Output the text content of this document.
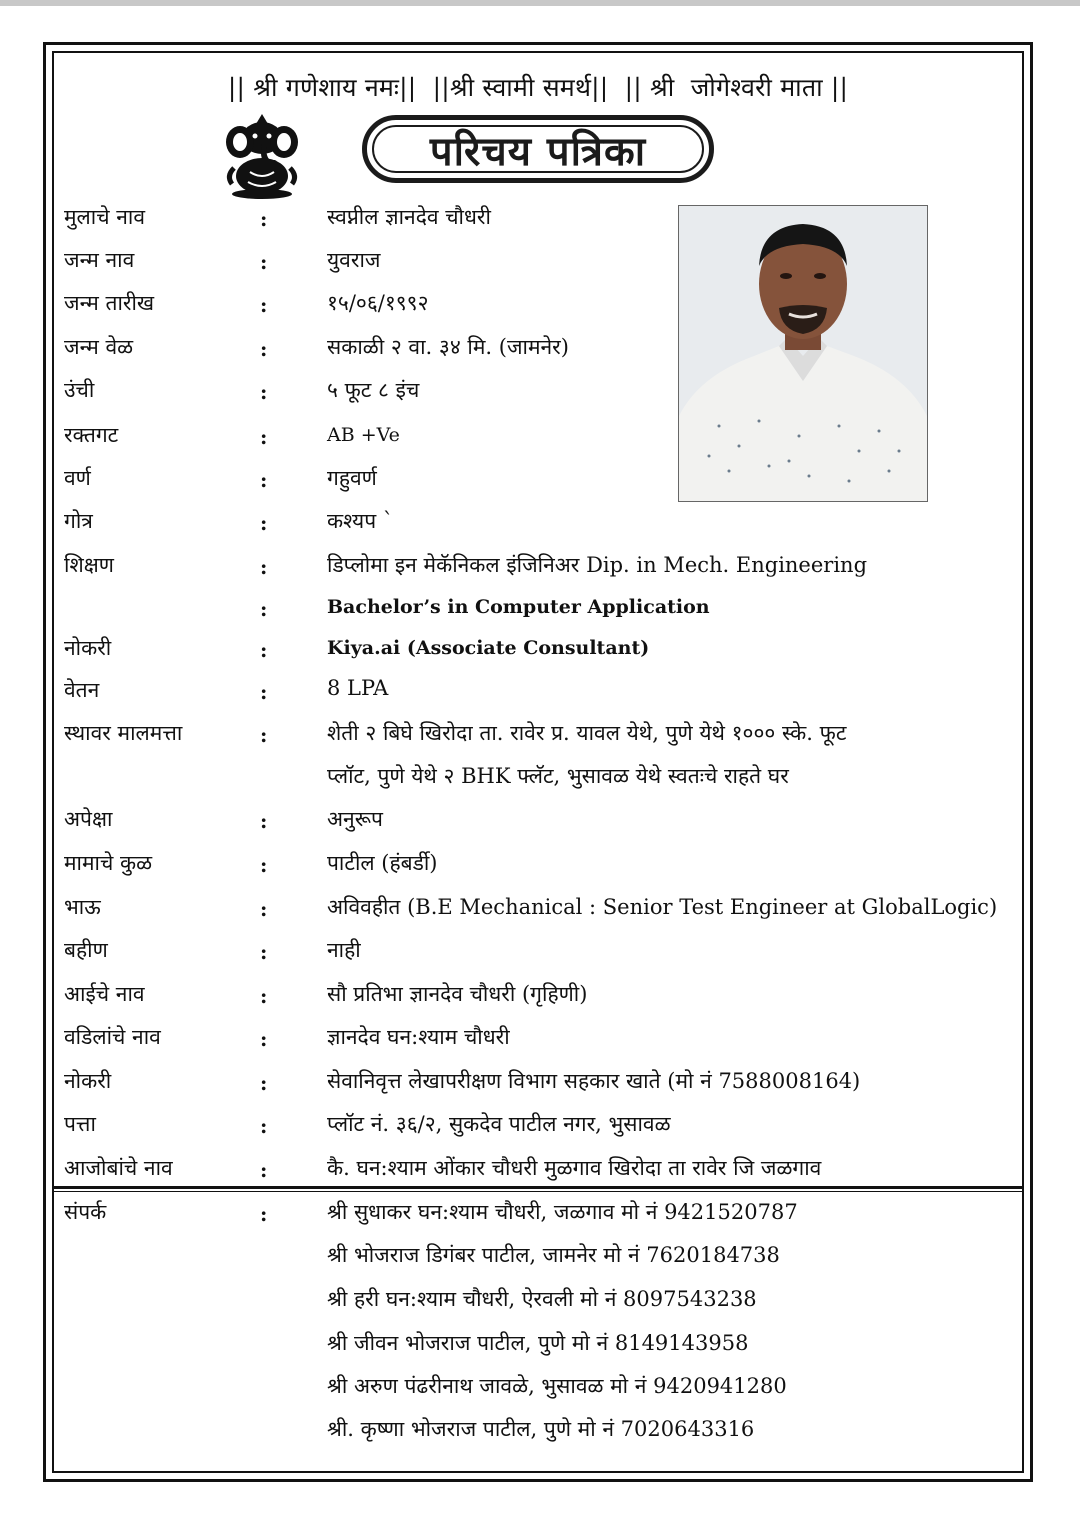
|| श्री गणेशाय नमः||  ||श्री स्वामी समर्थ||  || श्री  जोगेश्वरी माता ||
परिचय पत्रिका
मुलाचे नाव	:	स्वप्नील ज्ञानदेव चौधरी
जन्म नाव	:	युवराज
जन्म तारीख	:	१५/०६/१९९२
जन्म वेळ	:	सकाळी २ वा. ३४ मि. (जामनेर)
उंची	:	५ फूट ८ इंच
रक्तगट	:	AB +Ve
वर्ण	:	गहुवर्ण
गोत्र	:	कश्यप `
शिक्षण	:	डिप्लोमा इन मेकॅनिकल इंजिनिअर Dip. in Mech. Engineering
:	Bachelor’s in Computer Application
नोकरी	:	Kiya.ai (Associate Consultant)
वेतन	:	8 LPA
स्थावर मालमत्ता	:	शेती २ बिघे खिरोदा ता. रावेर प्र. यावल येथे, पुणे येथे १००० स्के. फूट
प्लॉट, पुणे येथे २ BHK फ्लॅट, भुसावळ येथे स्वतःचे राहते घर
अपेक्षा	:	अनुरूप
मामाचे कुळ	:	पाटील (हंबर्डी)
भाऊ	:	अविवहीत (B.E Mechanical : Senior Test Engineer at GlobalLogic)
बहीण	:	नाही
आईचे नाव	:	सौ प्रतिभा ज्ञानदेव चौधरी (गृहिणी)
वडिलांचे नाव	:	ज्ञानदेव घन:श्याम चौधरी
नोकरी	:	सेवानिवृत्त लेखापरीक्षण विभाग सहकार खाते (मो नं 7588008164)
पत्ता	:	प्लॉट नं. ३६/२, सुकदेव पाटील नगर, भुसावळ
आजोबांचे नाव	:	कै. घन:श्याम ओंकार चौधरी मुळगाव खिरोदा ता रावेर जि जळगाव
संपर्क	:	श्री सुधाकर घन:श्याम चौधरी, जळगाव मो नं 9421520787
श्री भोजराज डिगंबर पाटील, जामनेर मो नं 7620184738
श्री हरी घन:श्याम चौधरी, ऐरवली मो नं 8097543238
श्री जीवन भोजराज पाटील, पुणे मो नं 8149143958
श्री अरुण पंढरीनाथ जावळे, भुसावळ मो नं 9420941280
श्री. कृष्णा भोजराज पाटील, पुणे मो नं 7020643316
